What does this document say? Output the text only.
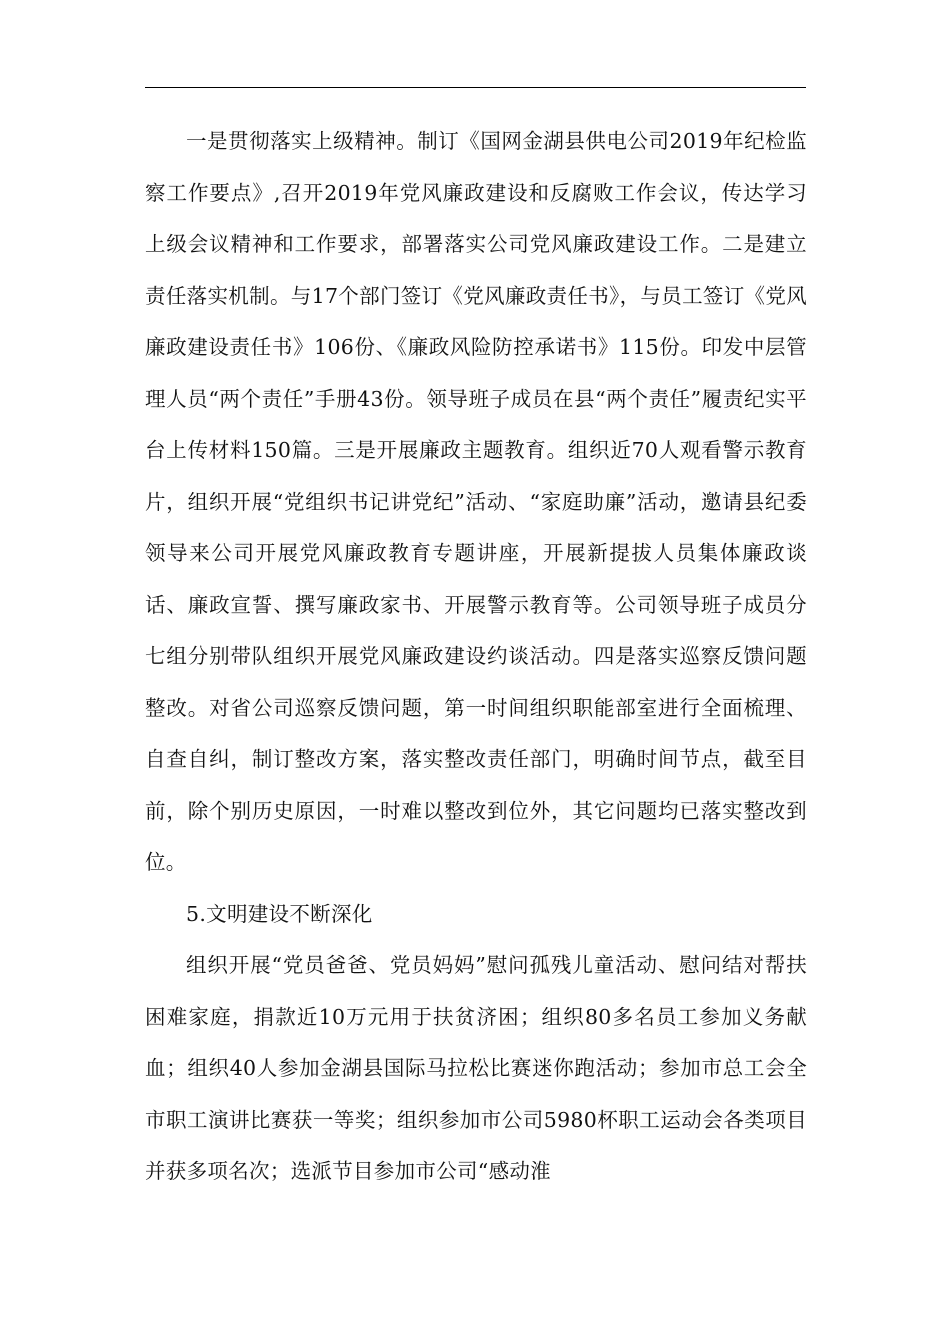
一是贯彻落实上级精神。制订《国网金湖县供电公司2019年纪检监察工作要点》,召开2019年党风廉政建设和反腐败工作会议，传达学习上级会议精神和工作要求，部署落实公司党风廉政建设工作。二是建立责任落实机制。与17个部门签订《党风廉政责任书》，与员工签订《党风廉政建设责任书》106份、《廉政风险防控承诺书》115份。印发中层管理人员“两个责任”手册43份。领导班子成员在县“两个责任”履责纪实平台上传材料150篇。三是开展廉政主题教育。组织近70人观看警示教育片，组织开展“党组织书记讲党纪”活动、“家庭助廉”活动，邀请县纪委领导来公司开展党风廉政教育专题讲座，开展新提拔人员集体廉政谈话、廉政宣誓、撰写廉政家书、开展警示教育等。公司领导班子成员分七组分别带队组织开展党风廉政建设约谈活动。四是落实巡察反馈问题整改。对省公司巡察反馈问题，第一时间组织职能部室进行全面梳理、自查自纠，制订整改方案，落实整改责任部门，明确时间节点，截至目前，除个别历史原因，一时难以整改到位外，其它问题均已落实整改到位。

5.文明建设不断深化

组织开展“党员爸爸、党员妈妈”慰问孤残儿童活动、慰问结对帮扶困难家庭，捐款近10万元用于扶贫济困；组织80多名员工参加义务献血；组织40人参加金湖县国际马拉松比赛迷你跑活动；参加市总工会全市职工演讲比赛获一等奖；组织参加市公司5980杯职工运动会各类项目并获多项名次；选派节目参加市公司“感动淮
